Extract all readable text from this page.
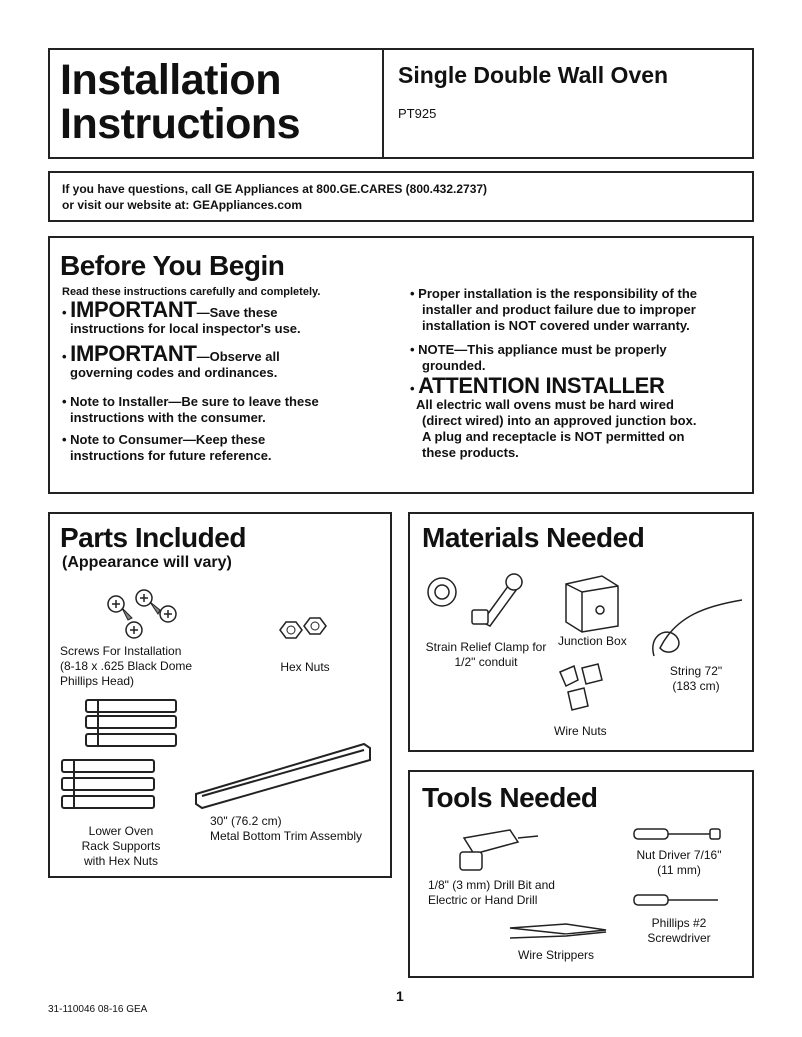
Installation
Instructions
Single Double Wall Oven
PT925
If you have questions, call GE Appliances at 800.GE.CARES (800.432.2737)
or visit our website at: GEAppliances.com
Before You Begin
Read these instructions carefully and completely.
• IMPORTANT—Save these
instructions for local inspector's use.
• IMPORTANT—Observe all
governing codes and ordinances.
• Note to Installer—Be sure to leave these
instructions with the consumer.
• Note to Consumer—Keep these
instructions for future reference.
• Proper installation is the responsibility of the
installer and product failure due to improper
installation is NOT covered under warranty.
• NOTE—This appliance must be properly
grounded.
• ATTENTION INSTALLER
All electric wall ovens must be hard wired
(direct wired) into an approved junction box.
A plug and receptacle is NOT permitted on
these products.
Parts Included
(Appearance will vary)
Screws For Installation
(8-18 x .625 Black Dome
Phillips Head)
Hex Nuts
Lower Oven
Rack Supports
with Hex Nuts
30" (76.2 cm)
Metal Bottom Trim Assembly
Materials Needed
Strain Relief Clamp for
1/2" conduit
Junction Box
String 72"
(183 cm)
Wire Nuts
Tools Needed
1/8" (3 mm) Drill Bit and
Electric or Hand Drill
Nut Driver 7/16"
(11 mm)
Phillips #2
Screwdriver
Wire Strippers
1
31-110046 08-16 GEA
